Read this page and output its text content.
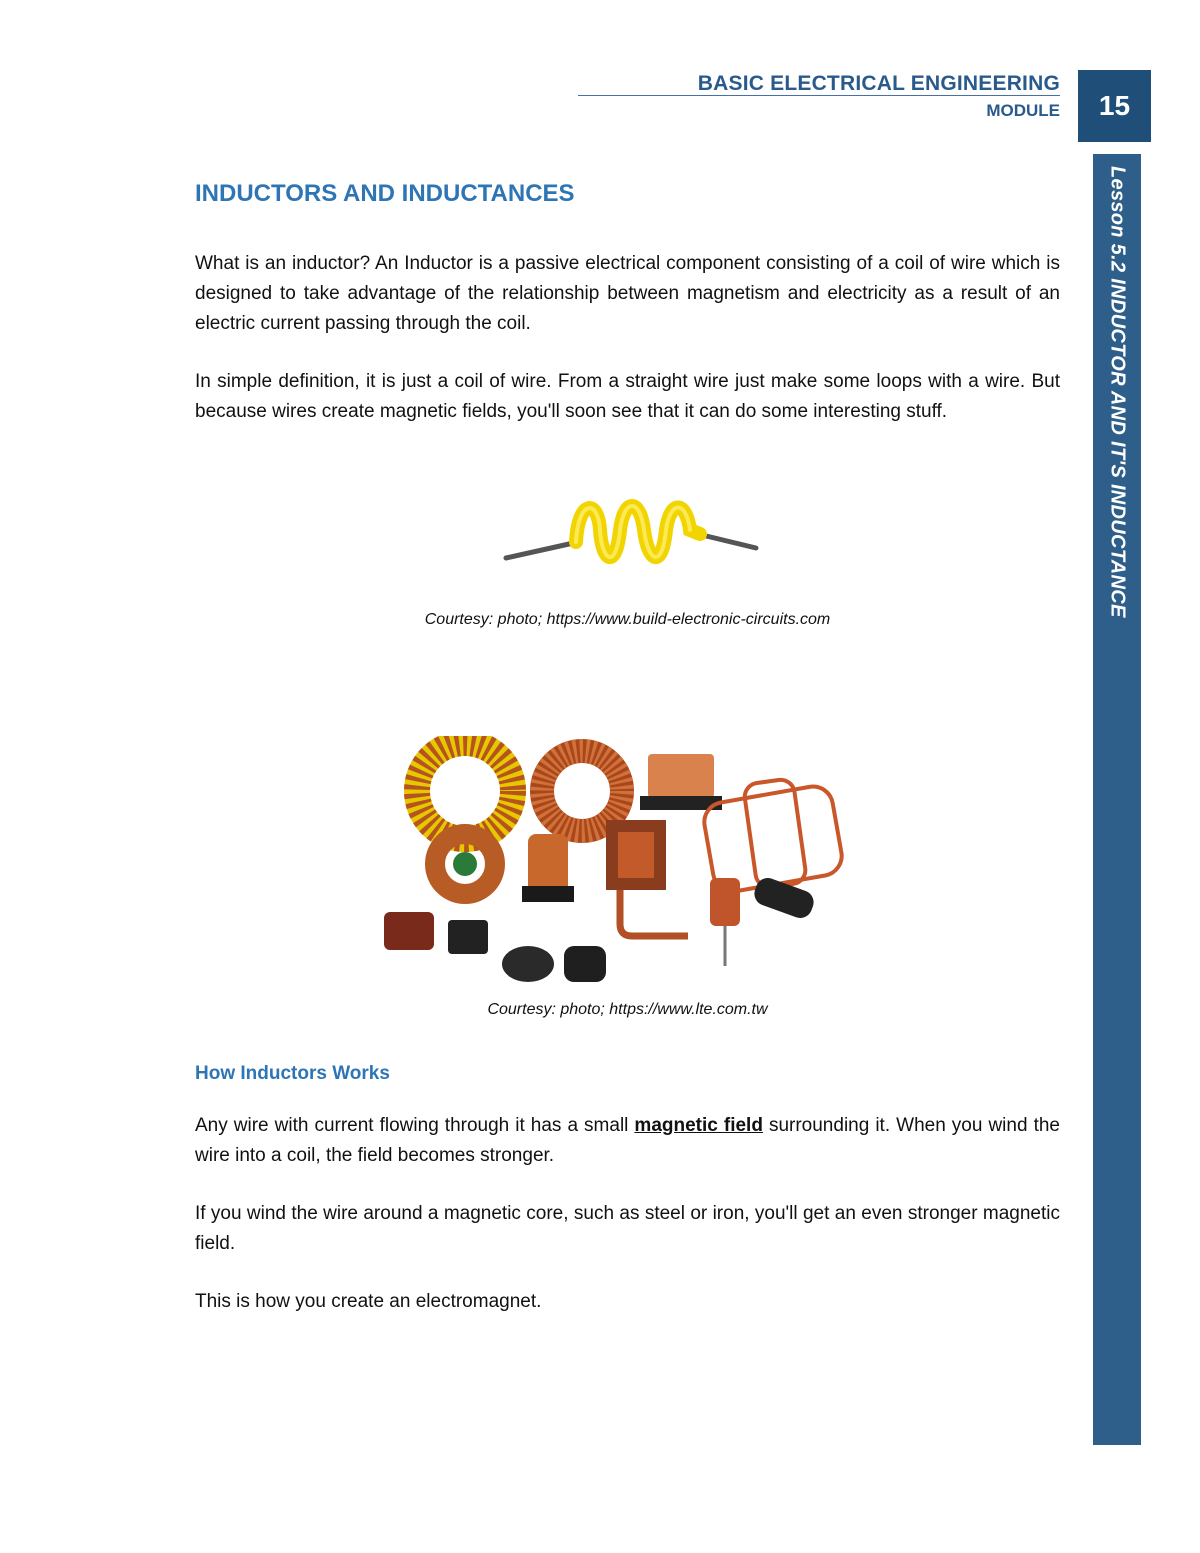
BASIC ELECTRICAL ENGINEERING
MODULE	15
Lesson 5.2 INDUCTOR AND IT'S INDUCTANCE
INDUCTORS AND INDUCTANCES

What is an inductor? An Inductor is a passive electrical component consisting of a coil of wire which is designed to take advantage of the relationship between magnetism and electricity as a result of an electric current passing through the coil.

In simple definition, it is just a coil of wire. From a straight wire just make some loops with a wire. But because wires create magnetic fields, you'll soon see that it can do some interesting stuff.

Courtesy: photo; https://www.build-electronic-circuits.com

Courtesy: photo; https://www.lte.com.tw

How Inductors Works

Any wire with current flowing through it has a small magnetic field surrounding it. When you wind the wire into a coil, the field becomes stronger.

If you wind the wire around a magnetic core, such as steel or iron, you'll get an even stronger magnetic field.

This is how you create an electromagnet.
